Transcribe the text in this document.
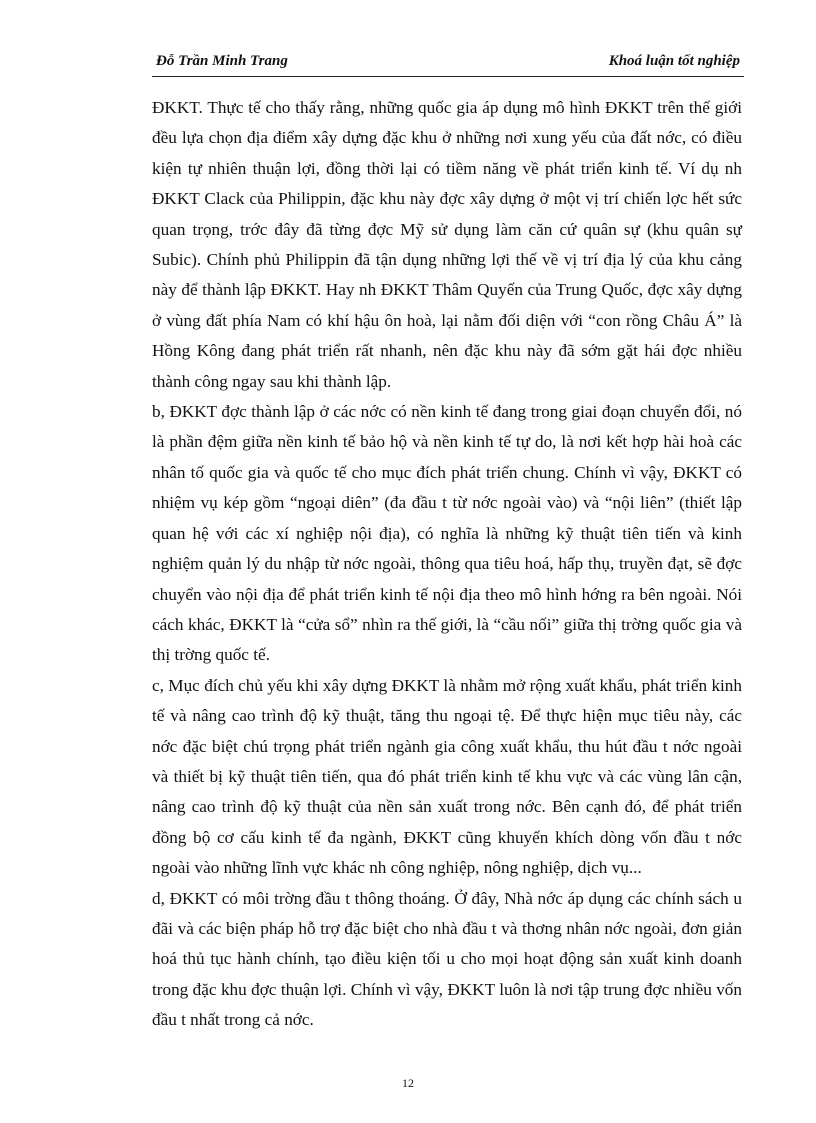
Đỗ Trần Minh Trang	Khoá luận tốt nghiệp

ĐKKT. Thực tế cho thấy rằng, những quốc gia áp dụng mô hình ĐKKT trên thế giới đều lựa chọn địa điểm xây dựng đặc khu ở những nơi xung yếu của đất nớc, có điều kiện tự nhiên thuận lợi, đồng thời lại có tiềm năng về phát triển kinh tế. Ví dụ nh ĐKKT Clack của Philippin, đặc khu này đợc xây dựng ở một vị trí chiến lợc hết sức quan trọng, trớc đây đã từng đợc Mỹ sử dụng làm căn cứ quân sự (khu quân sự Subic). Chính phủ Philippin đã tận dụng những lợi thế về vị trí địa lý của khu cảng này để thành lập ĐKKT. Hay nh ĐKKT Thâm Quyến của Trung Quốc, đợc xây dựng ở vùng đất phía Nam có khí hậu ôn hoà, lại nằm đối diện với “con rồng Châu Á” là Hồng Kông đang phát triển rất nhanh, nên đặc khu này đã sớm gặt hái đợc nhiều thành công ngay sau khi thành lập.

b, ĐKKT đợc thành lập ở các nớc có nền kinh tế đang trong giai đoạn chuyển đổi, nó là phần đệm giữa nền kinh tế bảo hộ và nền kinh tế tự do, là nơi kết hợp hài hoà các nhân tố quốc gia và quốc tế cho mục đích phát triển chung. Chính vì vậy, ĐKKT có nhiệm vụ kép gồm “ngoại diên” (đa đầu t từ nớc ngoài vào) và “nội liên” (thiết lập quan hệ với các xí nghiệp nội địa), có nghĩa là những kỹ thuật tiên tiến và kinh nghiệm quản lý du nhập từ nớc ngoài, thông qua tiêu hoá, hấp thụ, truyền đạt, sẽ đợc chuyển vào nội địa để phát triển kinh tế nội địa theo mô hình hớng ra bên ngoài. Nói cách khác, ĐKKT là “cửa sổ” nhìn ra thế giới, là “cầu nối” giữa thị trờng quốc gia và thị trờng quốc tế.

c, Mục đích chủ yếu khi xây dựng ĐKKT là nhằm mở rộng xuất khẩu, phát triển kinh tế và nâng cao trình độ kỹ thuật, tăng thu ngoại tệ. Để thực hiện mục tiêu này, các nớc đặc biệt chú trọng phát triển ngành gia công xuất khẩu, thu hút đầu t nớc ngoài và thiết bị kỹ thuật tiên tiến, qua đó phát triển kinh tế khu vực và các vùng lân cận, nâng cao trình độ kỹ thuật của nền sản xuất trong nớc. Bên cạnh đó, để phát triển đồng bộ cơ cấu kinh tế đa ngành, ĐKKT cũng khuyến khích dòng vốn đầu t nớc ngoài vào những lĩnh vực khác nh công nghiệp, nông nghiệp, dịch vụ...

d, ĐKKT có môi trờng đầu t thông thoáng. Ở đây, Nhà nớc áp dụng các chính sách u đãi và các biện pháp hỗ trợ đặc biệt cho nhà đầu t và thơng nhân nớc ngoài, đơn giản hoá thủ tục hành chính, tạo điều kiện tối u cho mọi hoạt động sản xuất kinh doanh trong đặc khu đợc thuận lợi. Chính vì vậy, ĐKKT luôn là nơi tập trung đợc nhiều vốn đầu t nhất trong cả nớc.

12
